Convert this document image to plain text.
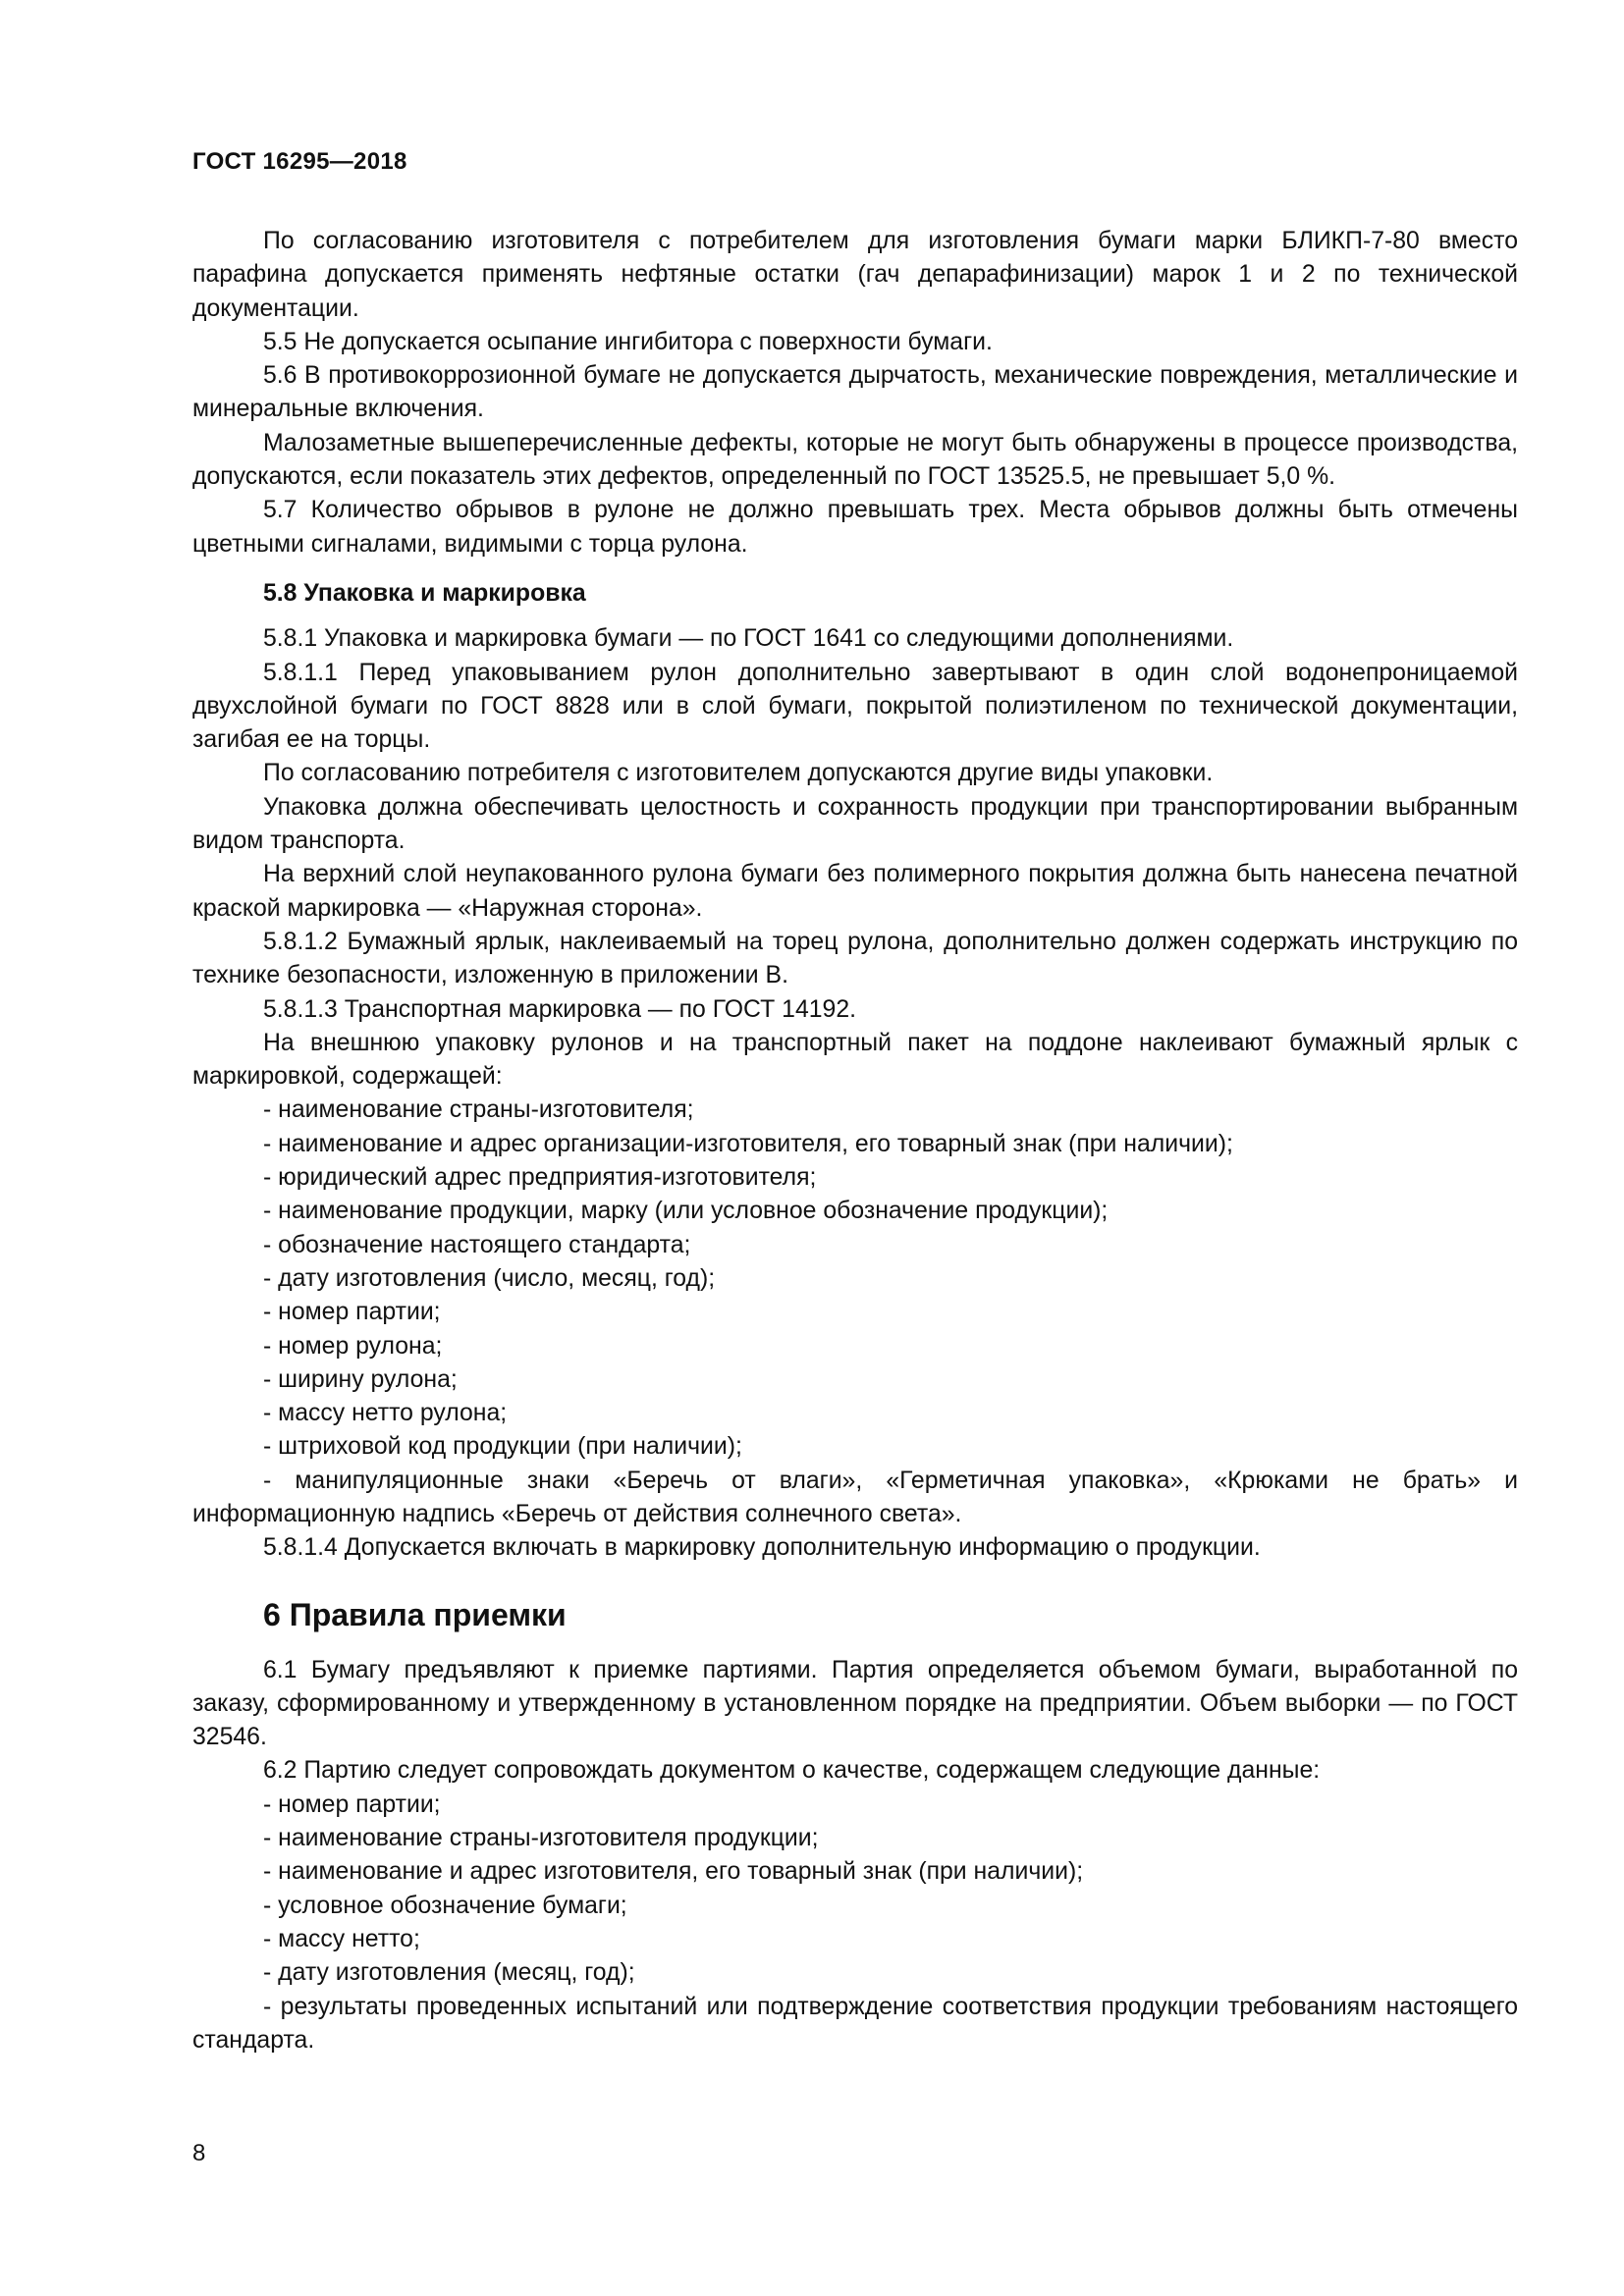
ГОСТ 16295—2018

По согласованию изготовителя с потребителем для изготовления бумаги марки БЛИКП-7-80 вместо парафина допускается применять нефтяные остатки (гач депарафинизации) марок 1 и 2 по технической документации.

5.5 Не допускается осыпание ингибитора с поверхности бумаги.

5.6 В противокоррозионной бумаге не допускается дырчатость, механические повреждения, металлические и минеральные включения.

Малозаметные вышеперечисленные дефекты, которые не могут быть обнаружены в процессе производства, допускаются, если показатель этих дефектов, определенный по ГОСТ 13525.5, не превышает 5,0 %.

5.7 Количество обрывов в рулоне не должно превышать трех. Места обрывов должны быть отмечены цветными сигналами, видимыми с торца рулона.

5.8 Упаковка и маркировка

5.8.1 Упаковка и маркировка бумаги — по ГОСТ 1641 со следующими дополнениями.

5.8.1.1 Перед упаковыванием рулон дополнительно завертывают в один слой водонепроницаемой двухслойной бумаги по ГОСТ 8828 или в слой бумаги, покрытой полиэтиленом по технической документации, загибая ее на торцы.

По согласованию потребителя с изготовителем допускаются другие виды упаковки.

Упаковка должна обеспечивать целостность и сохранность продукции при транспортировании выбранным видом транспорта.

На верхний слой неупакованного рулона бумаги без полимерного покрытия должна быть нанесена печатной краской маркировка — «Наружная сторона».

5.8.1.2 Бумажный ярлык, наклеиваемый на торец рулона, дополнительно должен содержать инструкцию по технике безопасности, изложенную в приложении В.

5.8.1.3 Транспортная маркировка — по ГОСТ 14192.

На внешнюю упаковку рулонов и на транспортный пакет на поддоне наклеивают бумажный ярлык с маркировкой, содержащей:

- наименование страны-изготовителя;

- наименование и адрес организации-изготовителя, его товарный знак (при наличии);

- юридический адрес предприятия-изготовителя;

- наименование продукции, марку (или условное обозначение продукции);

- обозначение настоящего стандарта;

- дату изготовления (число, месяц, год);

- номер партии;

- номер рулона;

- ширину рулона;

- массу нетто рулона;

- штриховой код продукции (при наличии);

- манипуляционные знаки «Беречь от влаги», «Герметичная упаковка», «Крюками не брать» и информационную надпись «Беречь от действия солнечного света».

5.8.1.4 Допускается включать в маркировку дополнительную информацию о продукции.

6 Правила приемки

6.1 Бумагу предъявляют к приемке партиями. Партия определяется объемом бумаги, выработанной по заказу, сформированному и утвержденному в установленном порядке на предприятии. Объем выборки — по ГОСТ 32546.

6.2 Партию следует сопровождать документом о качестве, содержащем следующие данные:

- номер партии;

- наименование страны-изготовителя продукции;

- наименование и адрес изготовителя, его товарный знак (при наличии);

- условное обозначение бумаги;

- массу нетто;

- дату изготовления (месяц, год);

- результаты проведенных испытаний или подтверждение соответствия продукции требованиям настоящего стандарта.

8
